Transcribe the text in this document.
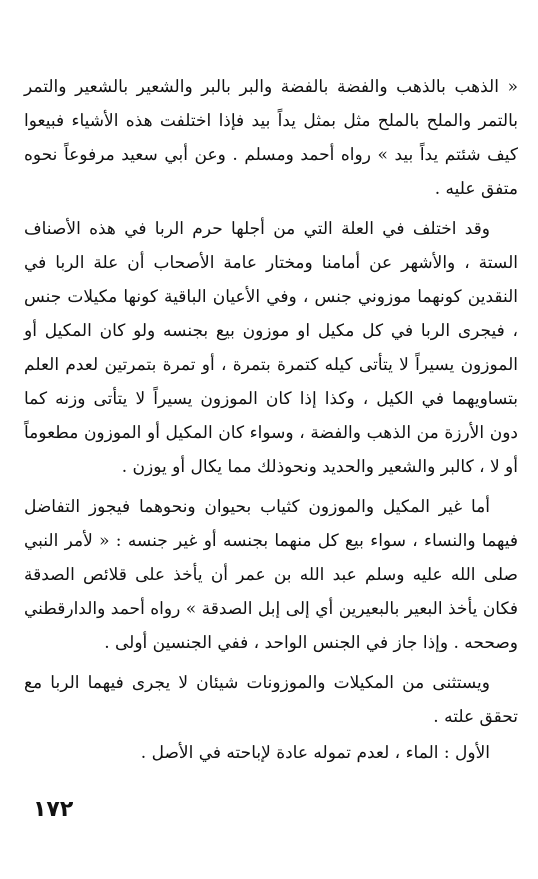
« الذهب بالذهب والفضة بالفضة والبر بالبر والشعير بالشعير والتمر بالتمر والملح بالملح مثل بمثل يداً بيد فإذا اختلفت هذه الأشياء فبيعوا كيف شئتم يداً بيد » رواه أحمد ومسلم . وعن أبي سعيد مرفوعاً نحوه متفق عليه .

وقد اختلف في العلة التي من أجلها حرم الربا في هذه الأصناف الستة ، والأشهر عن أمامنا ومختار عامة الأصحاب أن علة الربا في النقدين كونهما موزوني جنس ، وفي الأعيان الباقية كونها مكيلات جنس ، فيجرى الربا في كل مكيل او موزون بيع بجنسه ولو كان المكيل أو الموزون يسيراً لا يتأتى كيله كتمرة بتمرة ، أو تمرة بتمرتين لعدم العلم بتساويهما في الكيل ، وكذا إذا كان الموزون يسيراً لا يتأتى وزنه كما دون الأرزة من الذهب والفضة ، وسواء كان المكيل أو الموزون مطعوماً أو لا ، كالبر والشعير والحديد ونحوذلك مما يكال أو يوزن .

أما غير المكيل والموزون كثياب بحيوان ونحوهما فيجوز التفاضل فيهما والنساء ، سواء بيع كل منهما بجنسه أو غير جنسه : « لأمر النبي صلى الله عليه وسلم عبد الله بن عمر أن يأخذ على قلائص الصدقة فكان يأخذ البعير بالبعيرين أي إلى إبل الصدقة » رواه أحمد والدارقطني وصححه . وإذا جاز في الجنس الواحد ، ففي الجنسين أولى .

ويستثنى من المكيلات والموزونات شيئان لا يجرى فيهما الربا مع تحقق علته .

الأول : الماء ، لعدم تموله عادة لإباحته في الأصل .

١٧٢
